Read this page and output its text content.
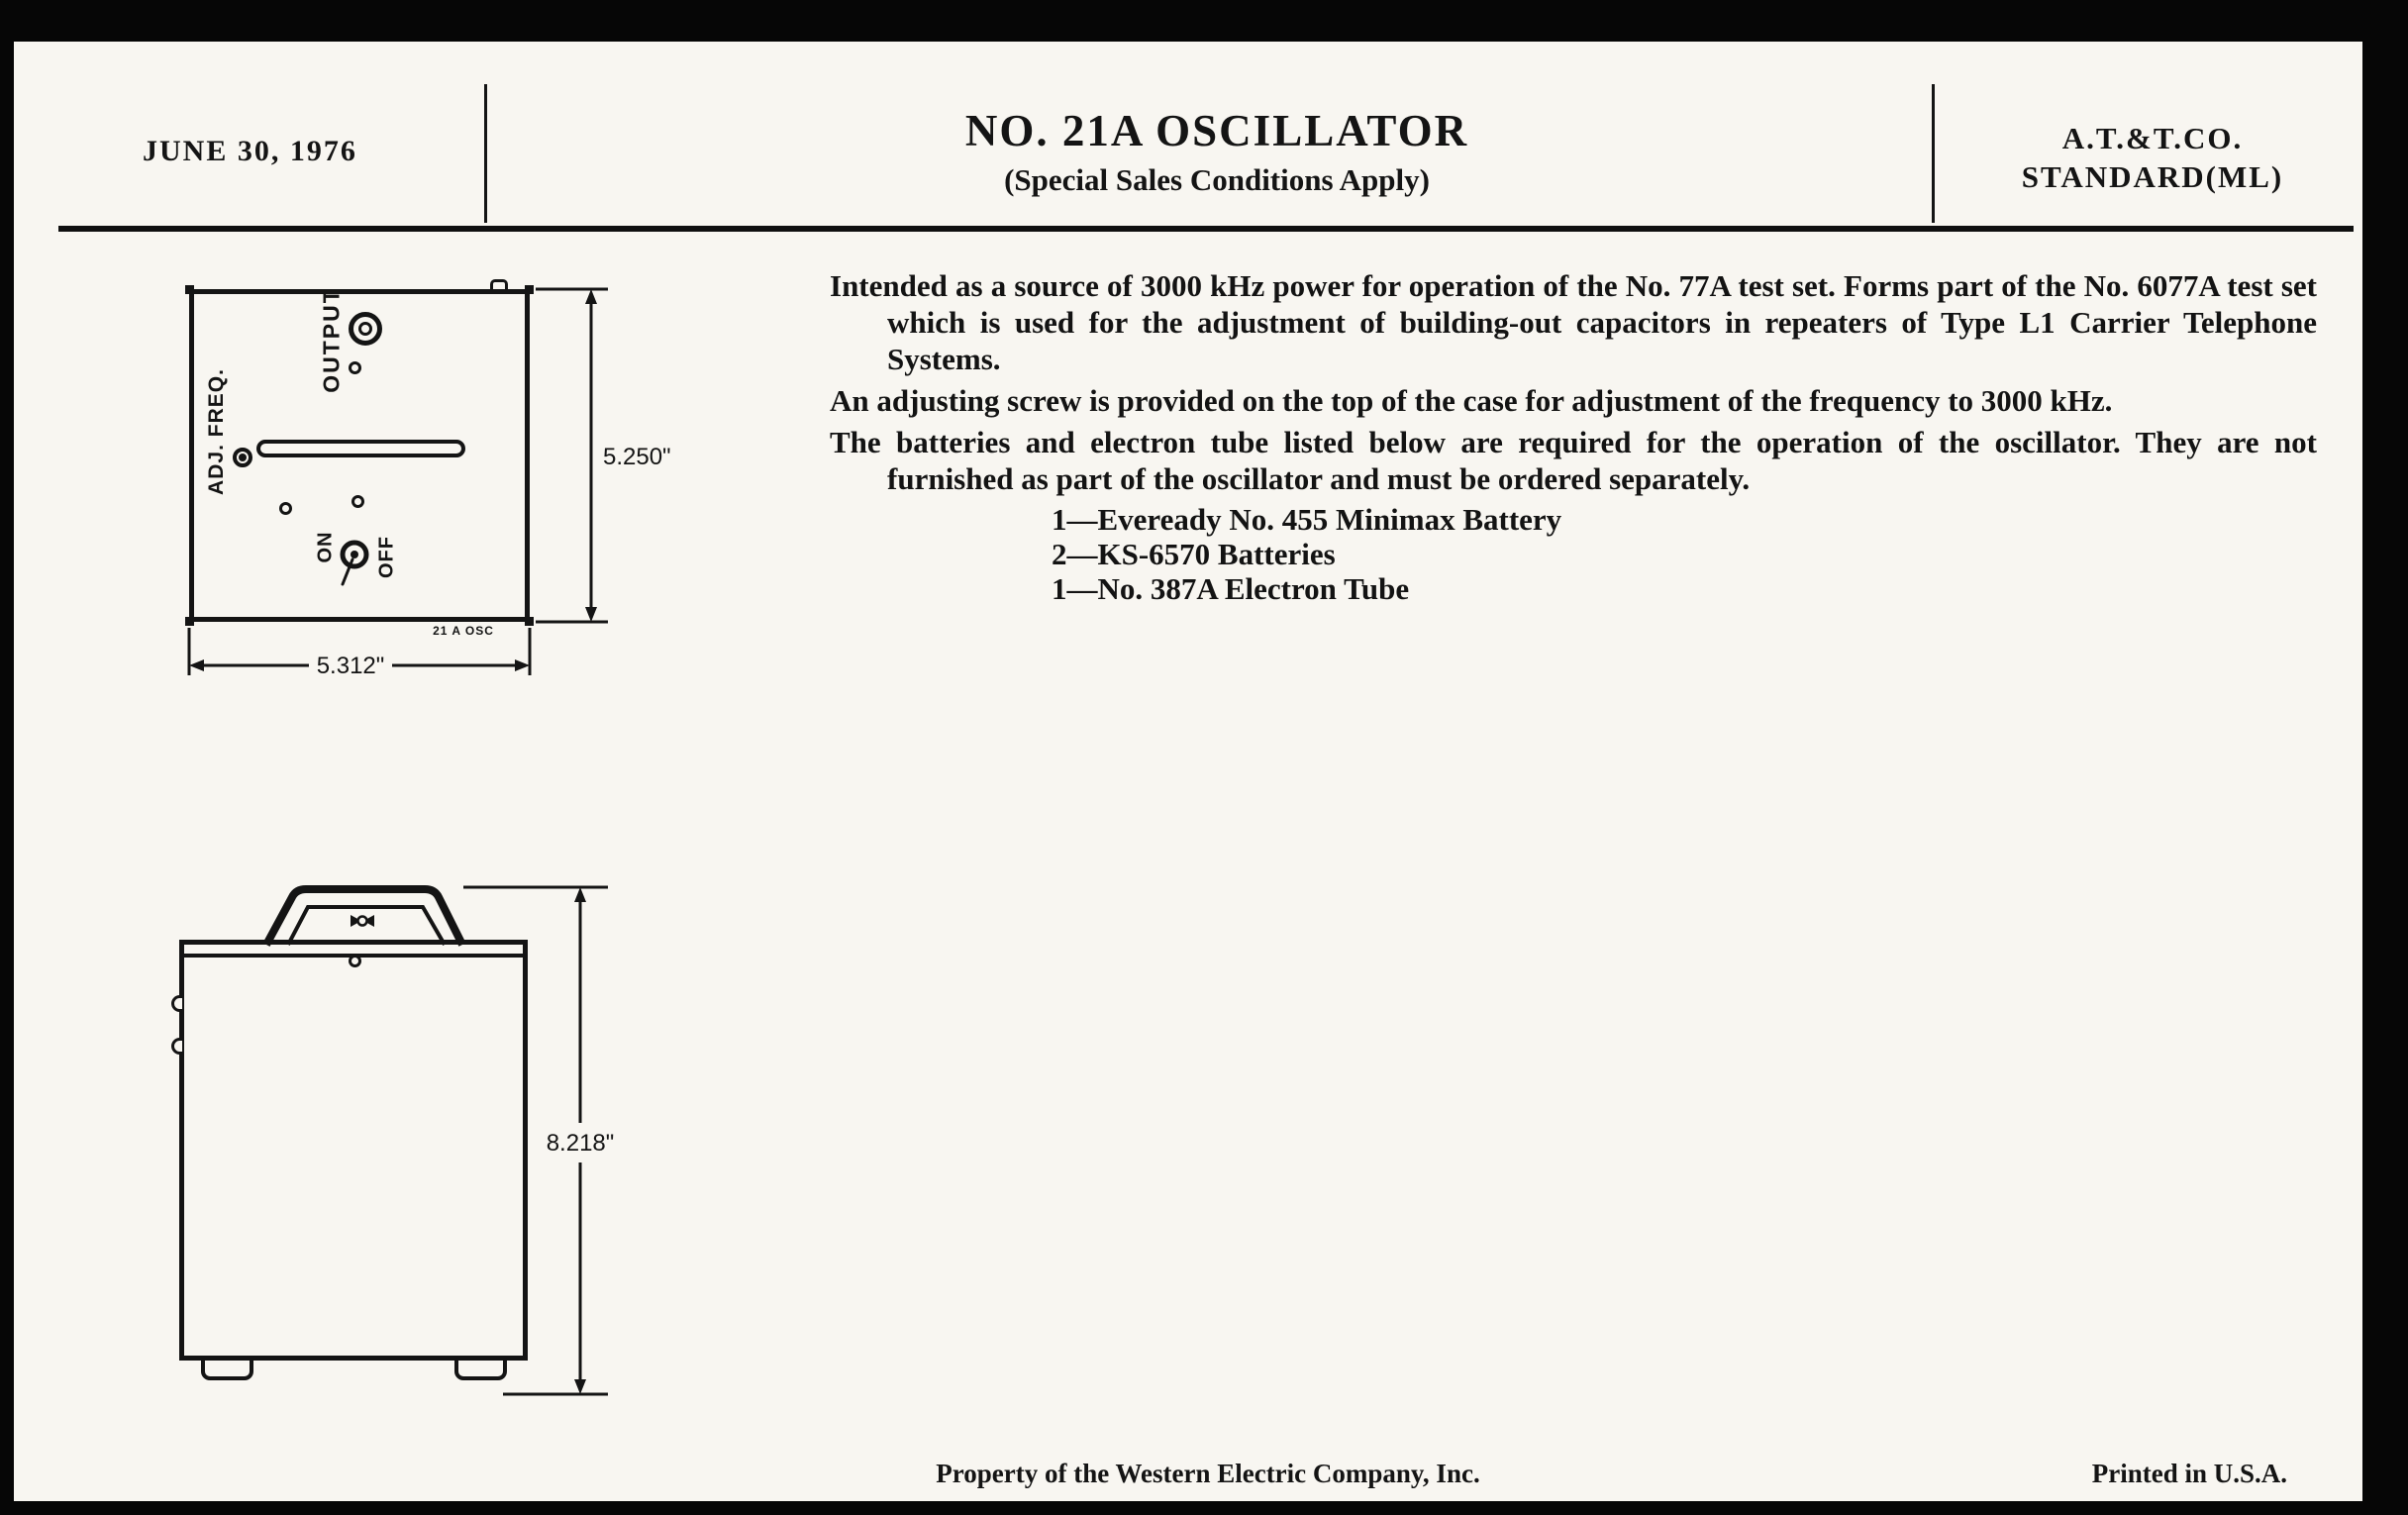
JUNE 30, 1976	NO. 21A OSCILLATOR
(Special Sales Conditions Apply)
A.T.&T.CO.
STANDARD(ML)
OUTPUT
ADJ. FREQ.
ON OFF
21 A OSC
5.250"
5.312"
8.218"

Intended as a source of 3000 kHz power for operation of the No. 77A test set. Forms part of the No. 6077A test set which is used for the adjustment of building-out capacitors in repeaters of Type L1 Carrier Telephone Systems.

An adjusting screw is provided on the top of the case for adjustment of the frequency to 3000 kHz.

The batteries and electron tube listed below are required for the operation of the oscillator. They are not furnished as part of the oscillator and must be ordered separately.

1—Eveready No. 455 Minimax Battery
2—KS-6570 Batteries
1—No. 387A Electron Tube
Property of the Western Electric Company, Inc.	Printed in U.S.A.
